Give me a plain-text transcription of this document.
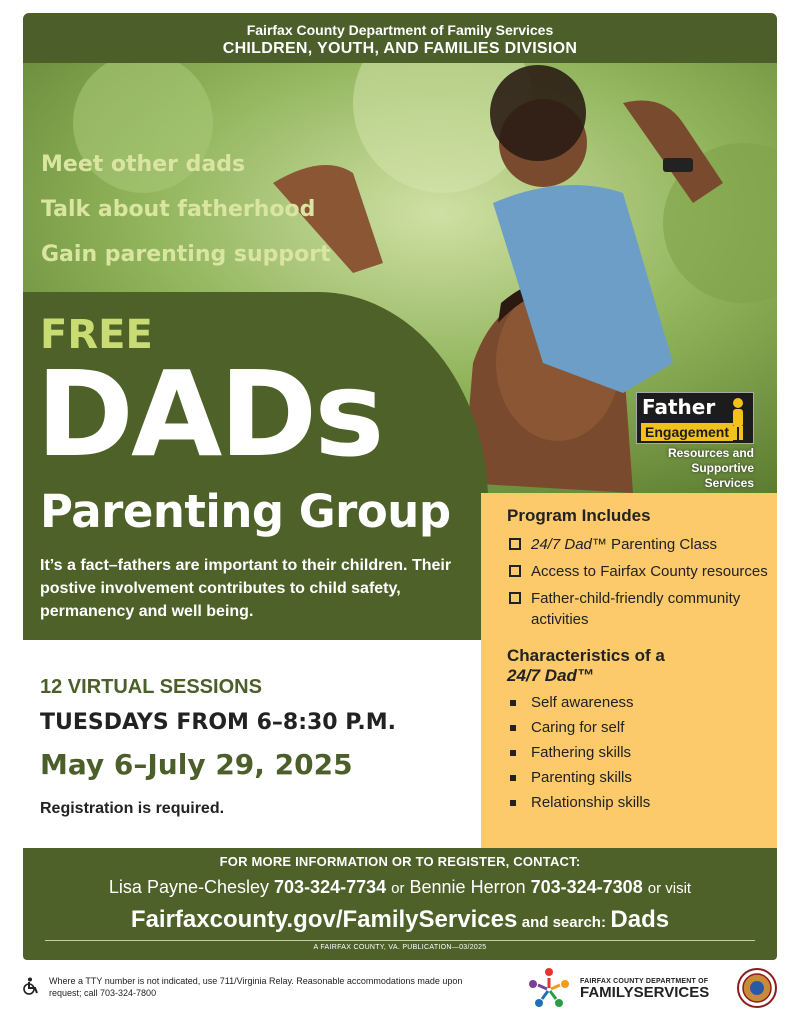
Fairfax County Department of Family Services
CHILDREN, YOUTH, AND FAMILIES DIVISION
Meet other dads
Talk about fatherhood
Gain parenting support
FREE
DADs
Parenting Group
It’s a fact–fathers are important to their children. Their postive involvement contributes to child safety, permanency and well being.
Father
Engagement
Resources and
Supportive Services
Program Includes
24/7 Dad™ Parenting Class
Access to Fairfax County resources
Father-child-friendly community activities
Characteristics of a
24/7 Dad™
Self awareness
Caring for self
Fathering skills
Parenting skills
Relationship skills
12 VIRTUAL SESSIONS
TUESDAYS FROM 6–8:30 P.M.
May 6–July 29, 2025
Registration is required.
FOR MORE INFORMATION OR TO REGISTER, CONTACT:
Lisa Payne-Chesley 703-324-7734 or Bennie Herron 703-324-7308 or visit
Fairfaxcounty.gov/FamilyServices and search: Dads
A FAIRFAX COUNTY, VA. PUBLICATION—03/2025
Where a TTY number is not indicated, use 711/Virginia Relay. Reasonable accommodations made upon request; call 703-324-7800
FAIRFAX COUNTY DEPARTMENT OF
FAMILYSERVICES
